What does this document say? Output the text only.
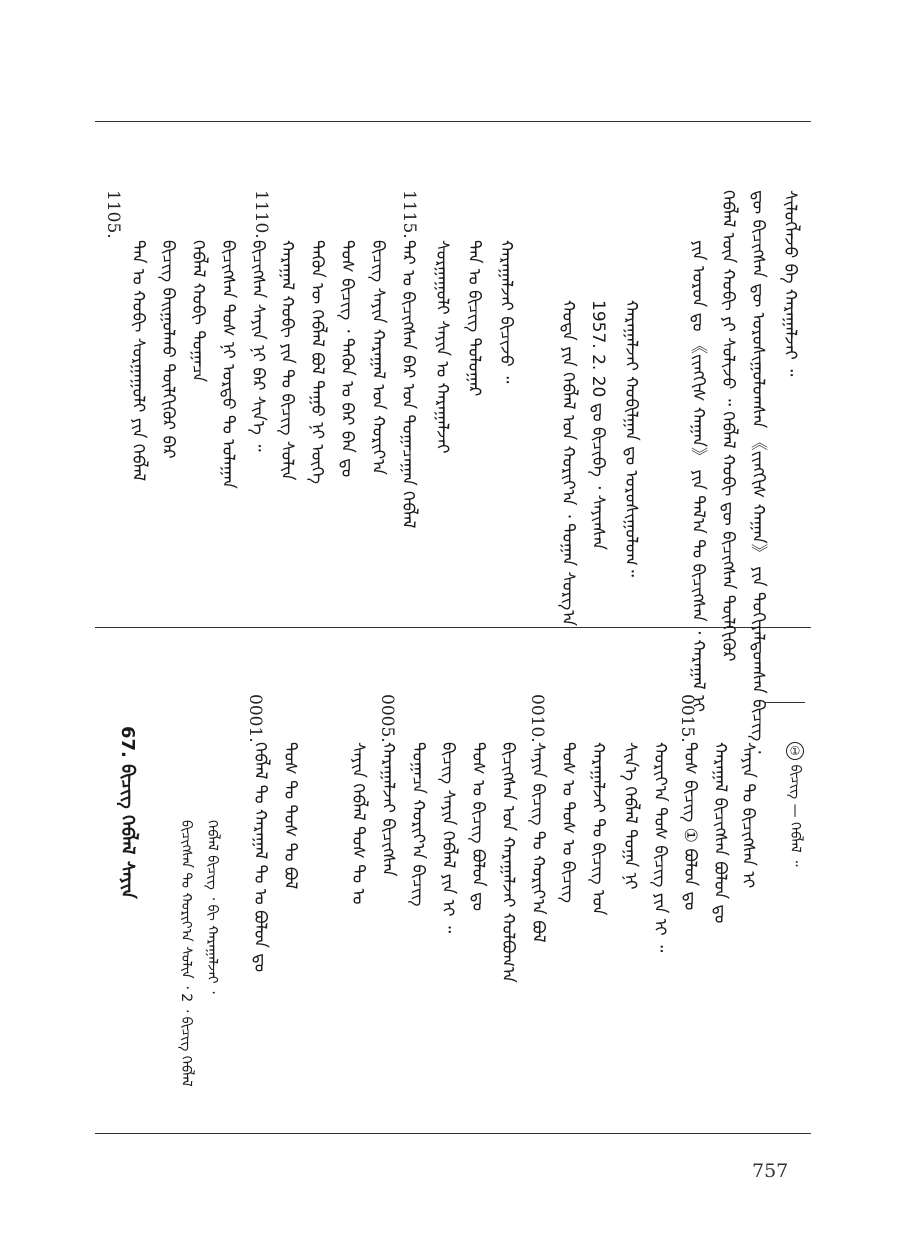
ᠰᠢᠯᠦᠭᠯᠡᠵᠦ ᠪᠠ ᠬᠠᠷᠠᠭᠠᠯᠵᠠᠢ ᠃
ᠳᠦ ᠪᠢᠴᠢᠭᠰᠡᠨ ᠳᠦ ᠣᠷᠣᠰᠢᠭᠤᠯᠤᠭᠰᠠᠨ 《ᠵᠢᠩᠭᠢᠰ ᠬᠠᠭᠠᠨ》 ᠶᠢᠨ ᠲᠣᠬᠢᠶᠠᠯᠳᠤᠭᠰᠠᠨ ᠪᠢᠴᠢᠭ ᠂
ᠬᠡᠪᠯᠡᠯ ᠦᠨ ᠬᠤᠪᠢ ᠶᠢ ᠰᠣᠯᠢᠵᠤ ᠃ ᠬᠡᠪᠯᠡᠯ ᠬᠤᠪᠢ ᠳᠦ ᠪᠢᠴᠢᠭᠰᠡᠨ ᠲᠦᠯᠬᠢᠭᠦᠷ
ᠶᠢᠨ ᠣᠷᠣᠨ ᠳᠤ 《ᠵᠢᠩᠭᠢᠰ ᠬᠠᠭᠠᠨ》 ᠶᠢᠨ ᠲᠠᠯ᠎ᠠ ᠲᠤ ᠪᠢᠴᠢᠭᠰᠡᠨ ᠂ ᠬᠠᠷᠠᠭᠠᠯ ᠢ
ᠬᠠᠷᠠᠭᠠᠯᠵᠠᠢ ᠬᠤᠪᠢᠯᠭᠠᠨ ᠳᠤ ᠣᠷᠣᠰᠢᠭᠤᠯᠤᠭ᠃
1957. 2. 20 ᠳᠤ ᠪᠢᠴᠢᠪᠡ ᠂ ᠰᠠᠶᠢᠨᠰᠠᠨ
ᠬᠣᠲᠠ ᠶᠢᠨ ᠬᠡᠪᠯᠡᠯ ᠤᠨ ᠬᠣᠷᠢᠶ᠎ᠠ ᠂ ᠲᠣᠭᠠᠨ ᠰᠤᠷᠭ᠎ᠠ
1115.
ᠬᠠᠷᠠᠭᠠᠯᠵᠠᠢ ᠪᠢᠴᠢᠵᠦ ᠃
ᠲᠠᠨ ᠤ ᠪᠢᠴᠢᠭ ᠲᠤᠯᠤᠭᠠᠷ
ᠰᠤᠷᠭᠠᠭᠤᠯᠢ ᠰᠠᠶᠢᠨ ᠤ ᠬᠠᠷᠠᠭᠠᠯᠵᠠᠢ
1110.
ᠲᠡᠷ ᠤ ᠪᠢᠴᠢᠭᠰᠡᠨ ᠪᠠᠷ ᠤᠨ ᠲᠣᠭᠠᠴᠠᠭᠠᠨ ᠬᠡᠪᠯᠡᠯ
ᠪᠢᠴᠢᠭ ᠰᠠᠶᠢᠨ ᠬᠠᠷᠠᠭᠠᠯ ᠤᠨ ᠬᠣᠷᠢᠶ᠎ᠠ
ᠲᠤᠰ ᠪᠢᠴᠢᠭ ᠂ ᠲᠡᠭᠦᠨ ᠤ ᠪᠠᠷ ᠪᠠᠨ ᠳᠤ
ᠲᠡᠭᠦᠨ ᠦ ᠬᠡᠪᠯᠡᠯ ᠪᠣᠯ ᠳᠠᠭᠤ ᠨᠢ ᠦᠭᠡ
ᠬᠠᠷᠠᠭᠠᠯ ᠬᠤᠪᠢ ᠶᠢᠨ ᠲᠤ ᠪᠢᠴᠢᠭ ᠰᠣᠯᠢᠨ
1105.
ᠪᠢᠴᠢᠭᠰᠡᠨ ᠰᠠᠶᠢᠨ ᠨᠢ ᠪᠠᠷ ᠰᠢᠨ᠎ᠡ ᠃
ᠪᠢᠴᠢᠭᠰᠡᠨ ᠲᠤᠰ ᠨᠢ ᠤᠷᠲᠤ ᠲᠤ ᠤᠯᠠᠭᠠᠨ
ᠬᠡᠪᠯᠡᠯ ᠬᠤᠪᠢ ᠲᠣᠭᠠᠴᠠ
ᠪᠢᠴᠢᠭ ᠪᠠᠢᠭᠤᠯᠬᠤ ᠲᠦᠯᠬᠢᠭᠦᠷ ᠪᠠᠷ
ᠲᠠᠨ ᠤ ᠬᠤᠪᠢ ᠰᠤᠷᠭᠠᠭᠤᠯᠢ ᠶᠢᠨ ᠬᠡᠪᠯᠡᠯ
① ᠪᠢᠴᠢᠭ — ᠬᠡᠪᠯᠡᠯ ᠃
0015.
ᠰᠠᠶᠢᠨ ᠲᠤ ᠪᠢᠴᠢᠭᠰᠡᠨ ᠢ
ᠬᠠᠷᠠᠭᠠᠯ ᠪᠢᠴᠢᠭᠰᠡᠨ ᠪᠣᠯᠤᠨ ᠳᠤ
ᠲᠤᠰ ᠪᠢᠴᠢᠭ ① ᠪᠣᠯᠤᠨ ᠳᠤ
ᠬᠣᠷᠢᠶ᠎ᠠ ᠲᠤᠰ ᠪᠢᠴᠢᠭ ᠶᠢᠨ ᠢ ᠃
ᠰᠢᠨ᠎ᠡ ᠬᠡᠪᠯᠡᠯ ᠲᠣᠭᠠ ᠨᠢ
0010.
ᠬᠠᠷᠠᠭᠠᠯᠵᠠᠢ ᠲᠤ ᠪᠢᠴᠢᠭ ᠤᠨ
ᠲᠤᠰ ᠤ ᠲᠤᠰ ᠤ ᠪᠢᠴᠢᠭ
ᠰᠠᠶᠢᠨ ᠪᠢᠴᠢᠭ ᠲᠤ ᠬᠣᠷᠢᠶ᠎ᠠ ᠪᠣᠯ
ᠪᠢᠴᠢᠭᠰᠡᠨ ᠤᠨ ᠬᠠᠷᠠᠭᠠᠯᠵᠠᠢ ᠬᠣᠯᠪᠣᠭ᠎ᠠ
ᠲᠤᠰ ᠤ ᠪᠢᠴᠢᠭ ᠪᠣᠯᠤᠨ ᠳᠤ
0005.
ᠪᠢᠴᠢᠭ ᠰᠠᠶᠢᠨ ᠬᠡᠪᠯᠡᠯ ᠶᠢᠨ ᠢ ᠃
ᠲᠣᠭᠠᠴᠠ ᠬᠣᠷᠢᠶ᠎ᠠ ᠪᠢᠴᠢᠭ
ᠬᠠᠷᠠᠭᠠᠯᠵᠠᠢ ᠪᠢᠴᠢᠭᠰᠡᠨ
ᠰᠠᠶᠢᠨ ᠬᠡᠪᠯᠡᠯ ᠲᠤᠰ ᠲᠤ ᠤ
0001.
ᠲᠤᠰ ᠲᠤ ᠲᠤᠰ ᠲᠤ ᠪᠣᠯ
ᠬᠡᠪᠯᠡᠯ ᠲᠤ ᠬᠠᠷᠠᠭᠠᠯ ᠲᠤ ᠤ ᠪᠣᠯᠤᠨ ᠳᠤ
ᠬᠡᠪᠯᠡᠯ ᠪᠢᠴᠢᠭ ᠂ ᠪᠢ ᠬᠠᠷᠠᠭᠠᠯᠵᠠᠢ ᠂
ᠪᠢᠴᠢᠭᠰᠡᠨ ᠲᠤ ᠬᠣᠷᠢᠶ᠎ᠠ ᠰᠣᠯᠢᠨ ᠂ 2 ᠂ ᠪᠢᠴᠢᠭ ᠬᠡᠪᠯᠡᠯ
67. ᠪᠢᠴᠢᠭ ᠬᠡᠪᠯᠡᠯ ᠰᠠᠶᠢᠨ
757
